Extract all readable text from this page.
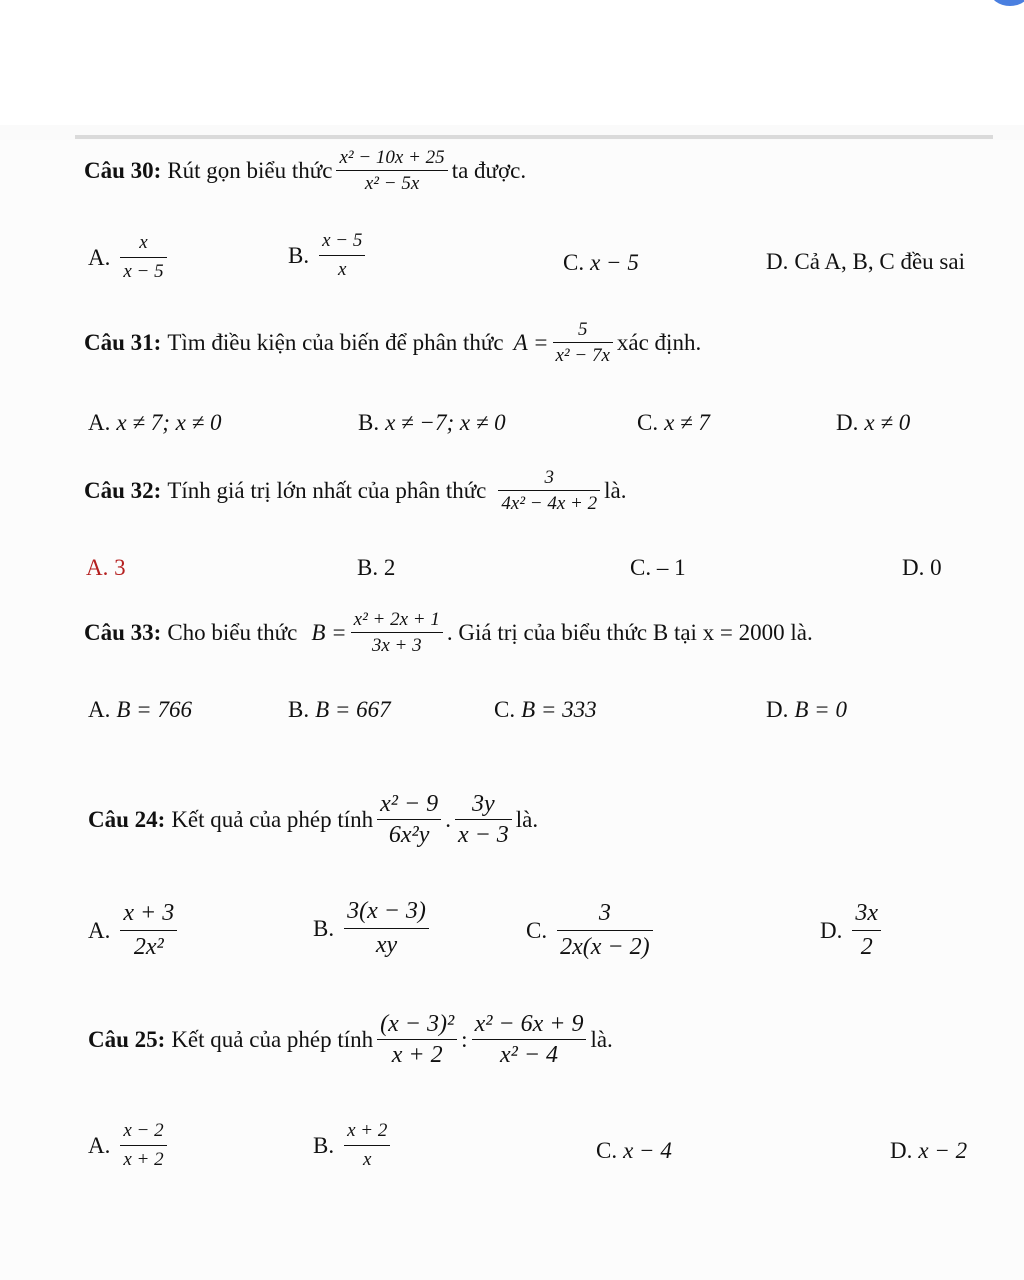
Câu 30: Rút gọn biểu thức $\frac{\text{x² − 10x + 25}}{\text{x² − 5x}}$ ta được.
A. $\frac{x}{x - 5}$	B. $\frac{x - 5}{x}$	C. x − 5	D. Cả A, B, C đều sai
Câu 31: Tìm điều kiện của biến để phân thức $A = \frac{5}{\text{x² − 7x}}$ xác định.
A. x ≠ 7; x ≠ 0	B. x ≠ −7; x ≠ 0	C. x ≠ 7	D. x ≠ 0
Câu 32: Tính giá trị lớn nhất của phân thức $\frac{3}{\text{4x² − 4x + 2}}$ là.
A. 3	B. 2	C. – 1	D. 0
Câu 33: Cho biểu thức $B = \frac{\text{x² + 2x + 1}}{3x + 3}$ . Giá trị của biểu thức B tại x = 2000 là.
A. B = 766	B. B = 667	C. B = 333	D. B = 0
Câu 24: Kết quả của phép tính $\frac{\text{x² − 9}}{\text{6x²y}}$ . $\frac{3y}{x - 3}$ là.
A. $\frac{x + 3}{\text{2x²}}$	B. $\frac{3(x - 3)}{xy}$	C. $\frac{3}{2x(x - 2)}$	D. $\frac{3x}{2}$
Câu 25: Kết quả của phép tính $\frac{\text{(x − 3)²}}{x + 2}$ : $\frac{\text{x² − 6x + 9}}{\text{x² − 4}}$ là.
A. $\frac{x - 2}{x + 2}$	B. $\frac{x + 2}{x}$	C. x − 4	D. x − 2
